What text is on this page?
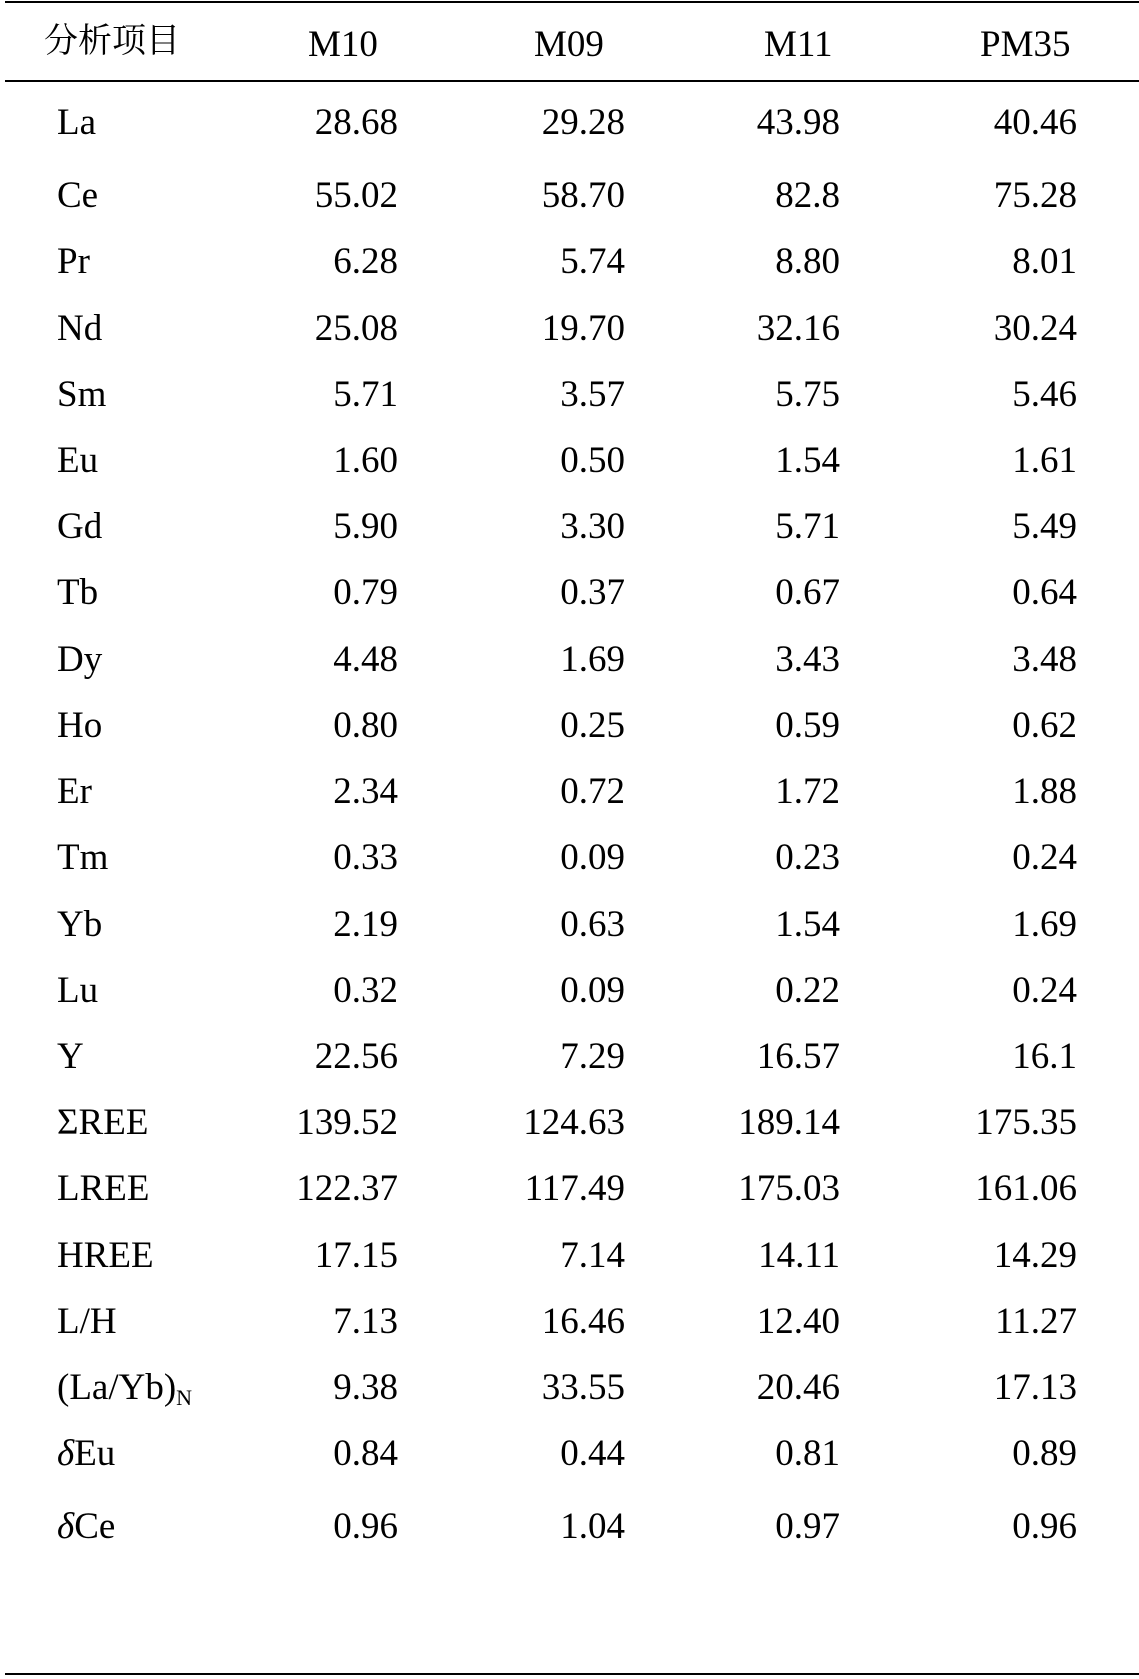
分析项目	M10	M09	M11	PM35
La	28.68	29.28	43.98	40.46
Ce	55.02	58.70	82.8	75.28
Pr	6.28	5.74	8.80	8.01
Nd	25.08	19.70	32.16	30.24
Sm	5.71	3.57	5.75	5.46
Eu	1.60	0.50	1.54	1.61
Gd	5.90	3.30	5.71	5.49
Tb	0.79	0.37	0.67	0.64
Dy	4.48	1.69	3.43	3.48
Ho	0.80	0.25	0.59	0.62
Er	2.34	0.72	1.72	1.88
Tm	0.33	0.09	0.23	0.24
Yb	2.19	0.63	1.54	1.69
Lu	0.32	0.09	0.22	0.24
Y	22.56	7.29	16.57	16.1
ΣREE	139.52	124.63	189.14	175.35
LREE	122.37	117.49	175.03	161.06
HREE	17.15	7.14	14.11	14.29
L/H	7.13	16.46	12.40	11.27
$(La/Yb)_N$	9.38	33.55	20.46	17.13
δEu	0.84	0.44	0.81	0.89
δCe	0.96	1.04	0.97	0.96
